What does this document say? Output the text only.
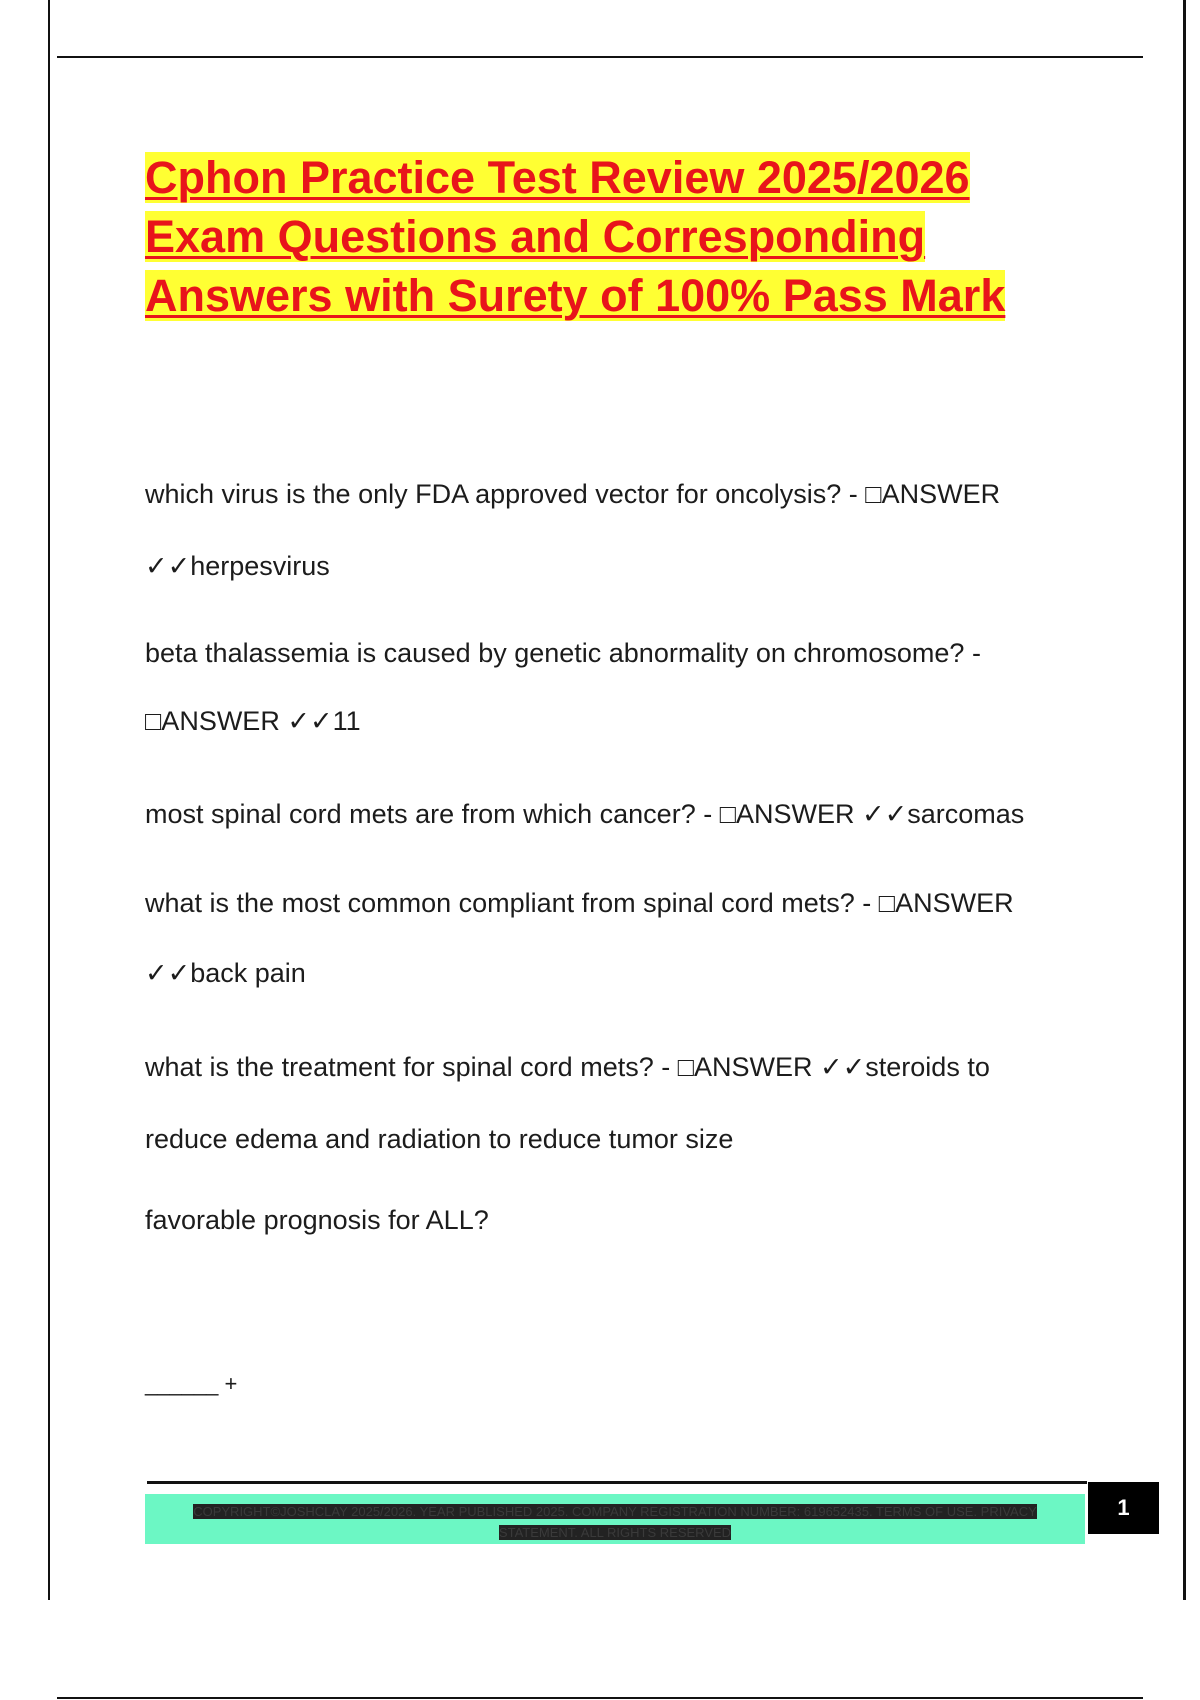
Cphon Practice Test Review 2025/2026
Exam Questions and Corresponding
Answers with Surety of 100% Pass Mark

which virus is the only FDA approved vector for oncolysis? - □ANSWER

✓✓herpesvirus

beta thalassemia is caused by genetic abnormality on chromosome? -

□ANSWER ✓✓11

most spinal cord mets are from which cancer? - □ANSWER ✓✓sarcomas

what is the most common compliant from spinal cord mets? - □ANSWER

✓✓back pain

what is the treatment for spinal cord mets? - □ANSWER ✓✓steroids to

reduce edema and radiation to reduce tumor size

favorable prognosis for ALL?

______ +

COPYRIGHT©JOSHCLAY 2025/2026. YEAR PUBLISHED 2025. COMPANY REGISTRATION NUMBER: 619652435. TERMS OF USE. PRIVACY
STATEMENT. ALL RIGHTS RESERVED

1
